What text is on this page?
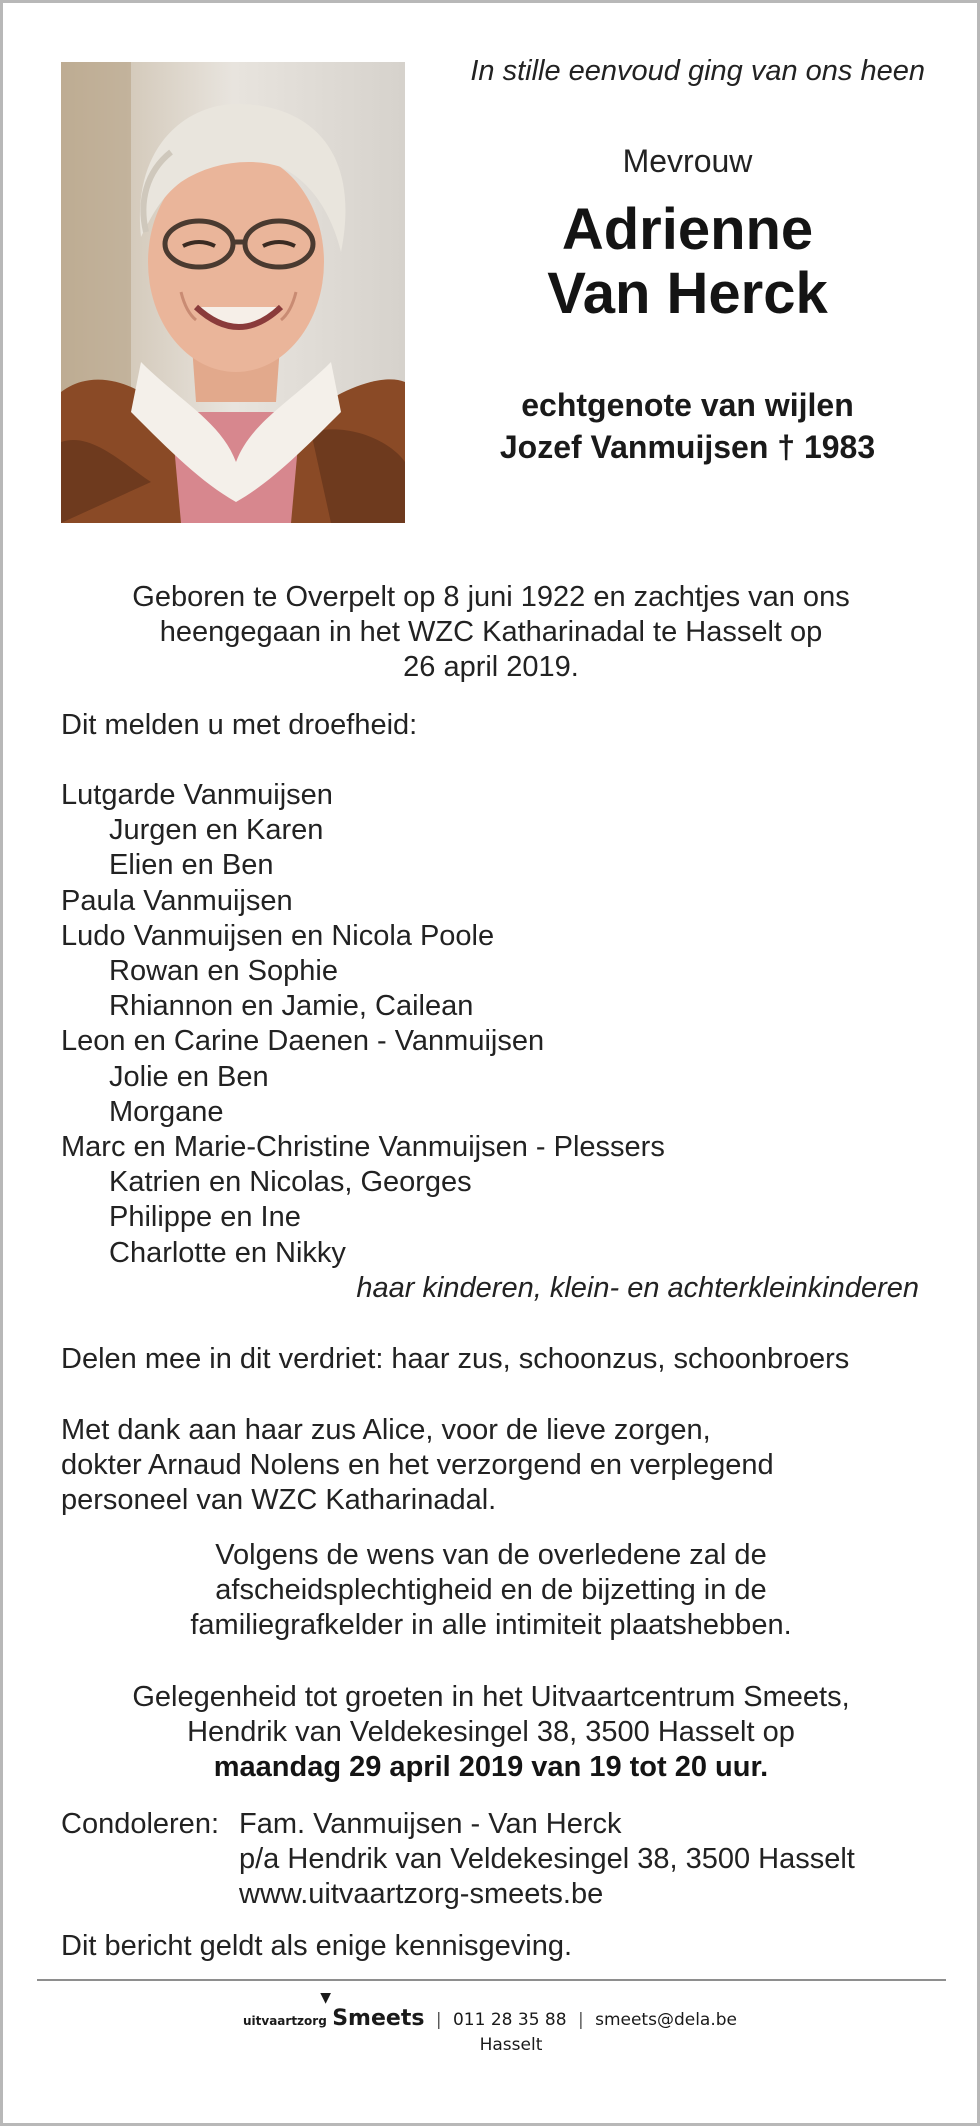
In stille eenvoud ging van ons heen
Mevrouw
Adrienne
Van Herck
echtgenote van wijlen
Jozef Vanmuijsen † 1983
Geboren te Overpelt op 8 juni 1922 en zachtjes van ons
heengegaan in het WZC Katharinadal te Hasselt op
26 april 2019.
Dit melden u met droefheid:
Lutgarde Vanmuijsen
Jurgen en Karen
Elien en Ben
Paula Vanmuijsen
Ludo Vanmuijsen en Nicola Poole
Rowan en Sophie
Rhiannon en Jamie, Cailean
Leon en Carine Daenen - Vanmuijsen
Jolie en Ben
Morgane
Marc en Marie-Christine Vanmuijsen - Plessers
Katrien en Nicolas, Georges
Philippe en Ine
Charlotte en Nikky
haar kinderen, klein- en achterkleinkinderen
Delen mee in dit verdriet: haar zus, schoonzus, schoonbroers
Met dank aan haar zus Alice, voor de lieve zorgen,
dokter Arnaud Nolens en het verzorgend en verplegend
personeel van WZC Katharinadal.
Volgens de wens van de overledene zal de
afscheidsplechtigheid en de bijzetting in de
familiegrafkelder in alle intimiteit plaatshebben.
Gelegenheid tot groeten in het Uitvaartcentrum Smeets,
Hendrik van Veldekesingel 38, 3500 Hasselt op
maandag 29 april 2019 van 19 tot 20 uur.
Condoleren: Fam. Vanmuijsen - Van Herck
p/a Hendrik van Veldekesingel 38, 3500 Hasselt
www.uitvaartzorg-smeets.be
Dit bericht geldt als enige kennisgeving.
uitvaartzorg
▼
Smeets | 011 28 35 88 | smeets@dela.be
Hasselt
